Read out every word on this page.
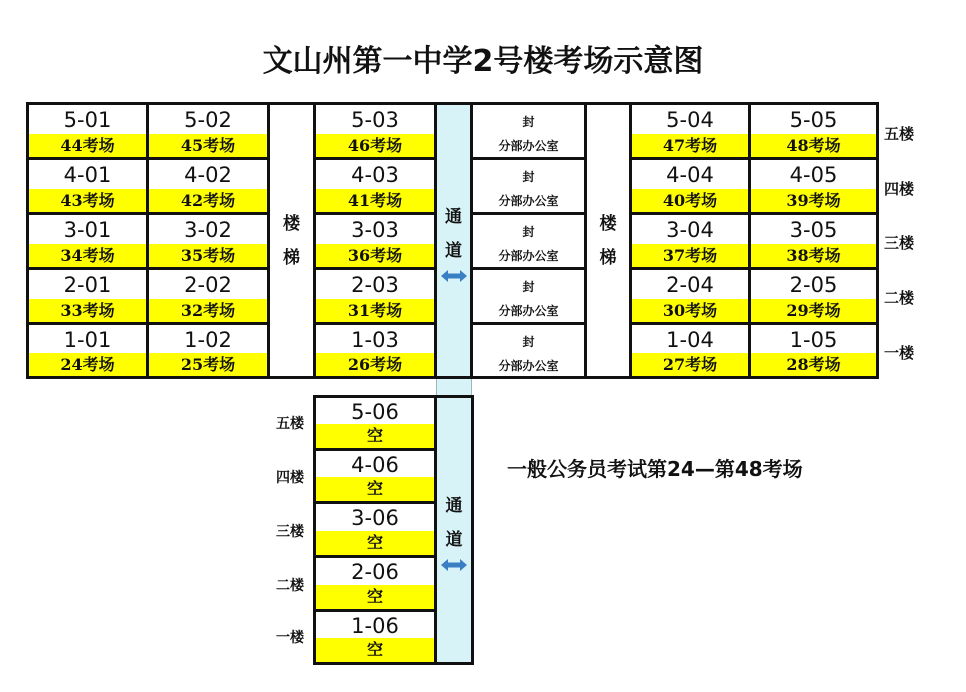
文山州第一中学2号楼考场示意图
5-01
44考场
4-01
43考场
3-01
34考场
2-01
33考场
1-01
24考场
5-02
45考场
4-02
42考场
3-02
35考场
2-02
32考场
1-02
25考场
楼
梯
5-03
46考场
4-03
41考场
3-03
36考场
2-03
31考场
1-03
26考场
通
道
封
分部办公室
封
分部办公室
封
分部办公室
封
分部办公室
封
分部办公室
楼
梯
5-04
47考场
4-04
40考场
3-04
37考场
2-04
30考场
1-04
27考场
5-05
48考场
4-05
39考场
3-05
38考场
2-05
29考场
1-05
28考场
五楼
四楼
三楼
二楼
一楼
5-06
空
4-06
空
3-06
空
2-06
空
1-06
空
通
道
五楼
四楼
三楼
二楼
一楼
一般公务员考试第24—第48考场
